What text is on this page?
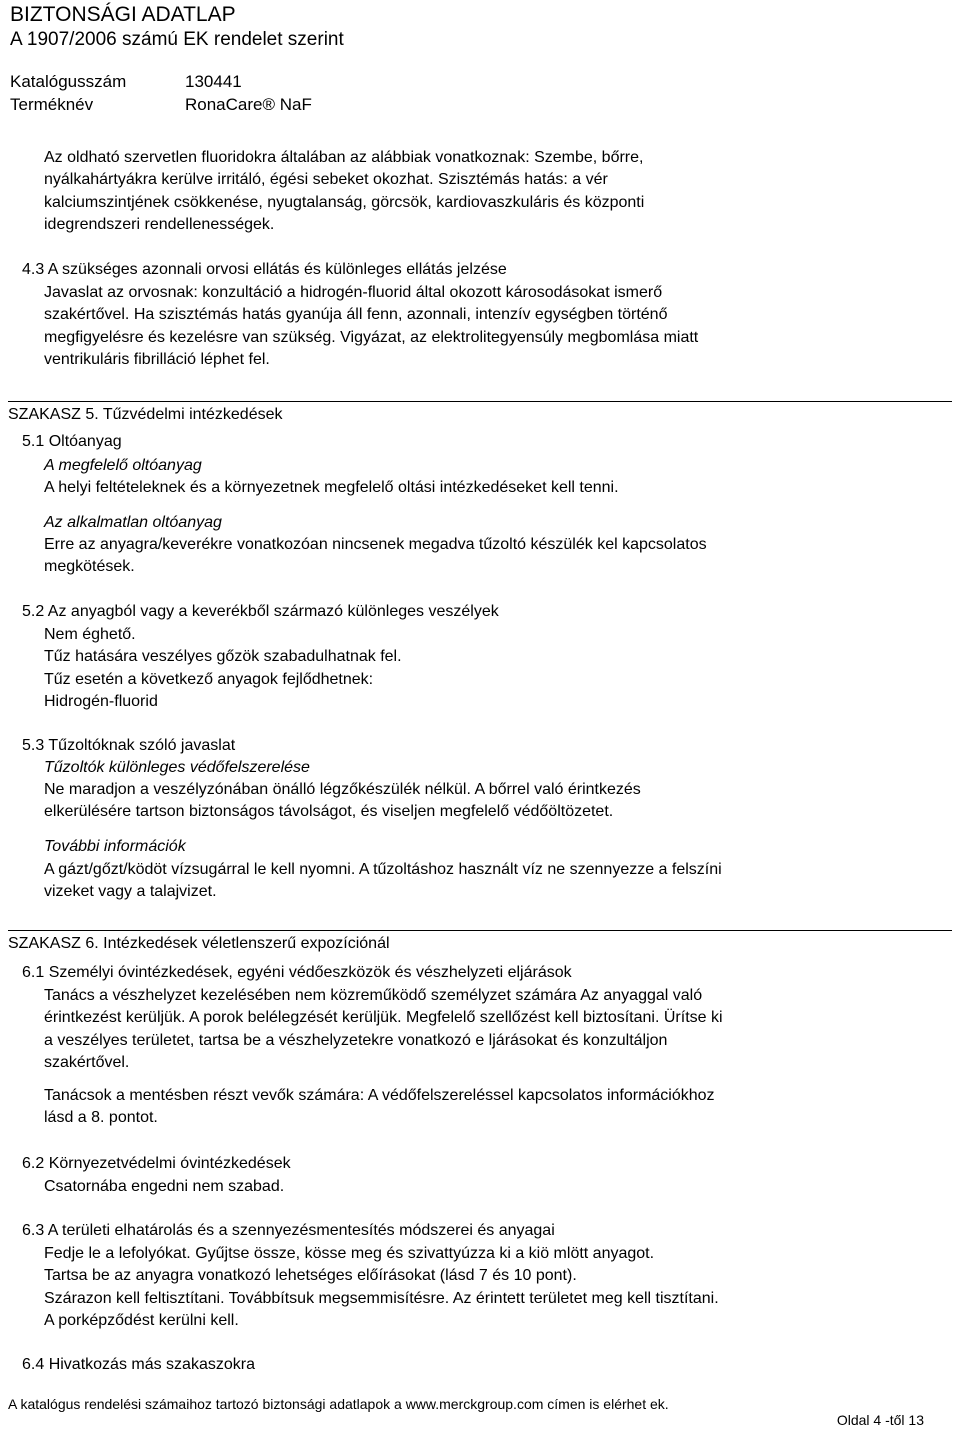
BIZTONSÁGI ADATLAP
A 1907/2006 számú EK rendelet szerint
Katalógusszám	130441
Terméknév	RonaCare® NaF
Az oldható szervetlen fluoridokra általában az alábbiak vonatkoznak: Szembe, bőrre,
nyálkahártyákra kerülve irritáló, égési sebeket okozhat. Szisztémás hatás: a vér
kalciumszintjének csökkenése, nyugtalanság, görcsök, kardiovaszkuláris és központi
idegrendszeri rendellenességek.
4.3 A szükséges azonnali orvosi ellátás és különleges ellátás jelzése
Javaslat az orvosnak: konzultáció a hidrogén-fluorid által okozott károsodásokat ismerő
szakértővel. Ha szisztémás hatás gyanúja áll fenn, azonnali, intenzív egységben történő
megfigyelésre és kezelésre van szükség. Vigyázat, az elektrolitegyensúly megbomlása miatt
ventrikuláris fibrilláció léphet fel.
SZAKASZ 5. Tűzvédelmi intézkedések
5.1 Oltóanyag
A megfelelő oltóanyag
A helyi feltételeknek és a környezetnek megfelelő oltási intézkedéseket kell tenni.
Az alkalmatlan oltóanyag
Erre az anyagra/keverékre vonatkozóan nincsenek megadva tűzoltó készülék kel kapcsolatos
megkötések.
5.2 Az anyagból vagy a keverékből származó különleges veszélyek
Nem éghető.
Tűz hatására veszélyes gőzök szabadulhatnak fel.
Tűz esetén a következő anyagok fejlődhetnek:
Hidrogén-fluorid
5.3 Tűzoltóknak szóló javaslat
Tűzoltók különleges védőfelszerelése
Ne maradjon a veszélyzónában önálló légzőkészülék nélkül. A bőrrel való érintkezés
elkerülésére tartson biztonságos távolságot, és viseljen megfelelő védőöltözetet.
További információk
A gázt/gőzt/ködöt vízsugárral le kell nyomni. A tűzoltáshoz használt víz ne szennyezze a felszíni
vizeket vagy a talajvizet.
SZAKASZ 6. Intézkedések véletlenszerű expozíciónál
6.1 Személyi óvintézkedések, egyéni védőeszközök és vészhelyzeti eljárások
Tanács a vészhelyzet kezelésében nem közreműködő személyzet számára Az anyaggal való
érintkezést kerüljük. A porok belélegzését kerüljük. Megfelelő szellőzést kell biztosítani. Ürítse ki
a veszélyes területet, tartsa be a vészhelyzetekre vonatkozó e ljárásokat és konzultáljon
szakértővel.
Tanácsok a mentésben részt vevők számára: A védőfelszereléssel kapcsolatos információkhoz
lásd a 8. pontot.
6.2 Környezetvédelmi óvintézkedések
Csatornába engedni nem szabad.
6.3 A területi elhatárolás és a szennyezésmentesítés módszerei és anyagai
Fedje le a lefolyókat. Gyűjtse össze, kösse meg és szivattyúzza ki a kiö mlött anyagot.
Tartsa be az anyagra vonatkozó lehetséges előírásokat (lásd 7 és 10 pont).
Szárazon kell feltisztítani. Továbbítsuk megsemmisítésre. Az érintett területet meg kell tisztítani.
A porképződést kerülni kell.
6.4 Hivatkozás más szakaszokra
A katalógus rendelési számaihoz tartozó biztonsági adatlapok a www.merckgroup.com címen is elérhet ek.
Oldal 4 -től 13
